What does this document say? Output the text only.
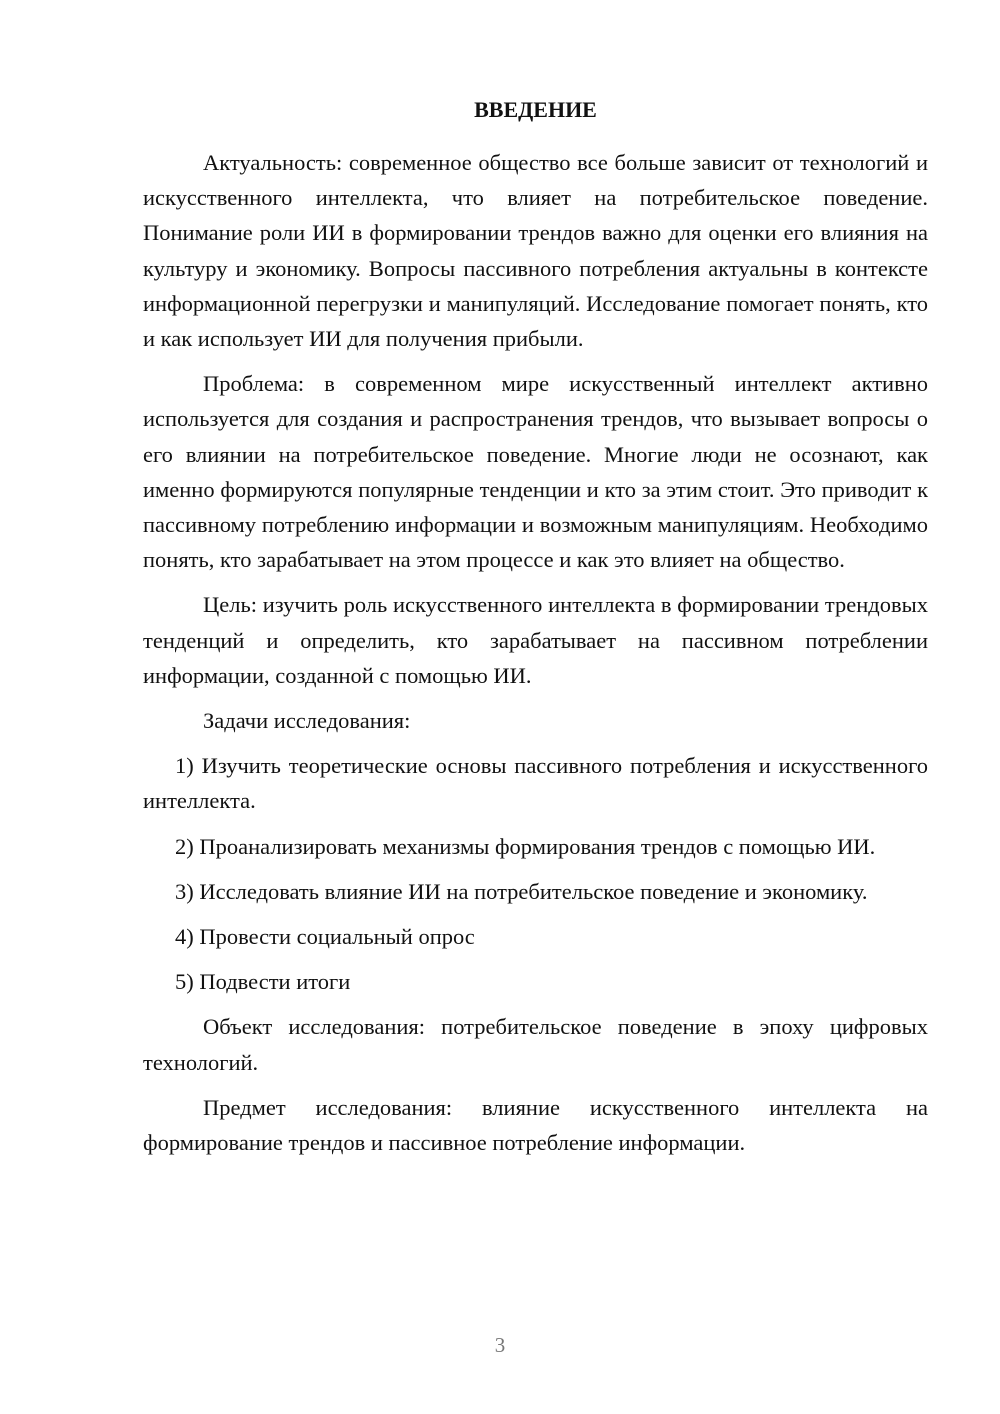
ВВЕДЕНИЕ

Актуальность: современное общество все больше зависит от технологий и искусственного интеллекта, что влияет на потребительское поведение. Понимание роли ИИ в формировании трендов важно для оценки его влияния на культуру и экономику. Вопросы пассивного потребления актуальны в контексте информационной перегрузки и манипуляций. Исследование помогает понять, кто и как использует ИИ для получения прибыли.

Проблема: в современном мире искусственный интеллект активно используется для создания и распространения трендов, что вызывает вопросы о его влиянии на потребительское поведение. Многие люди не осознают, как именно формируются популярные тенденции и кто за этим стоит. Это приводит к пассивному потреблению информации и возможным манипуляциям. Необходимо понять, кто зарабатывает на этом процессе и как это влияет на общество.

Цель: изучить роль искусственного интеллекта в формировании трендовых тенденций и определить, кто зарабатывает на пассивном потреблении информации, созданной с помощью ИИ.

Задачи исследования:

1) Изучить теоретические основы пассивного потребления и искусственного интеллекта.

2) Проанализировать механизмы формирования трендов с помощью ИИ.

3) Исследовать влияние ИИ на потребительское поведение и экономику.

4) Провести социальный опрос

5) Подвести итоги

Объект исследования: потребительское поведение в эпоху цифровых технологий.

Предмет исследования: влияние искусственного интеллекта на формирование трендов и пассивное потребление информации.

3
